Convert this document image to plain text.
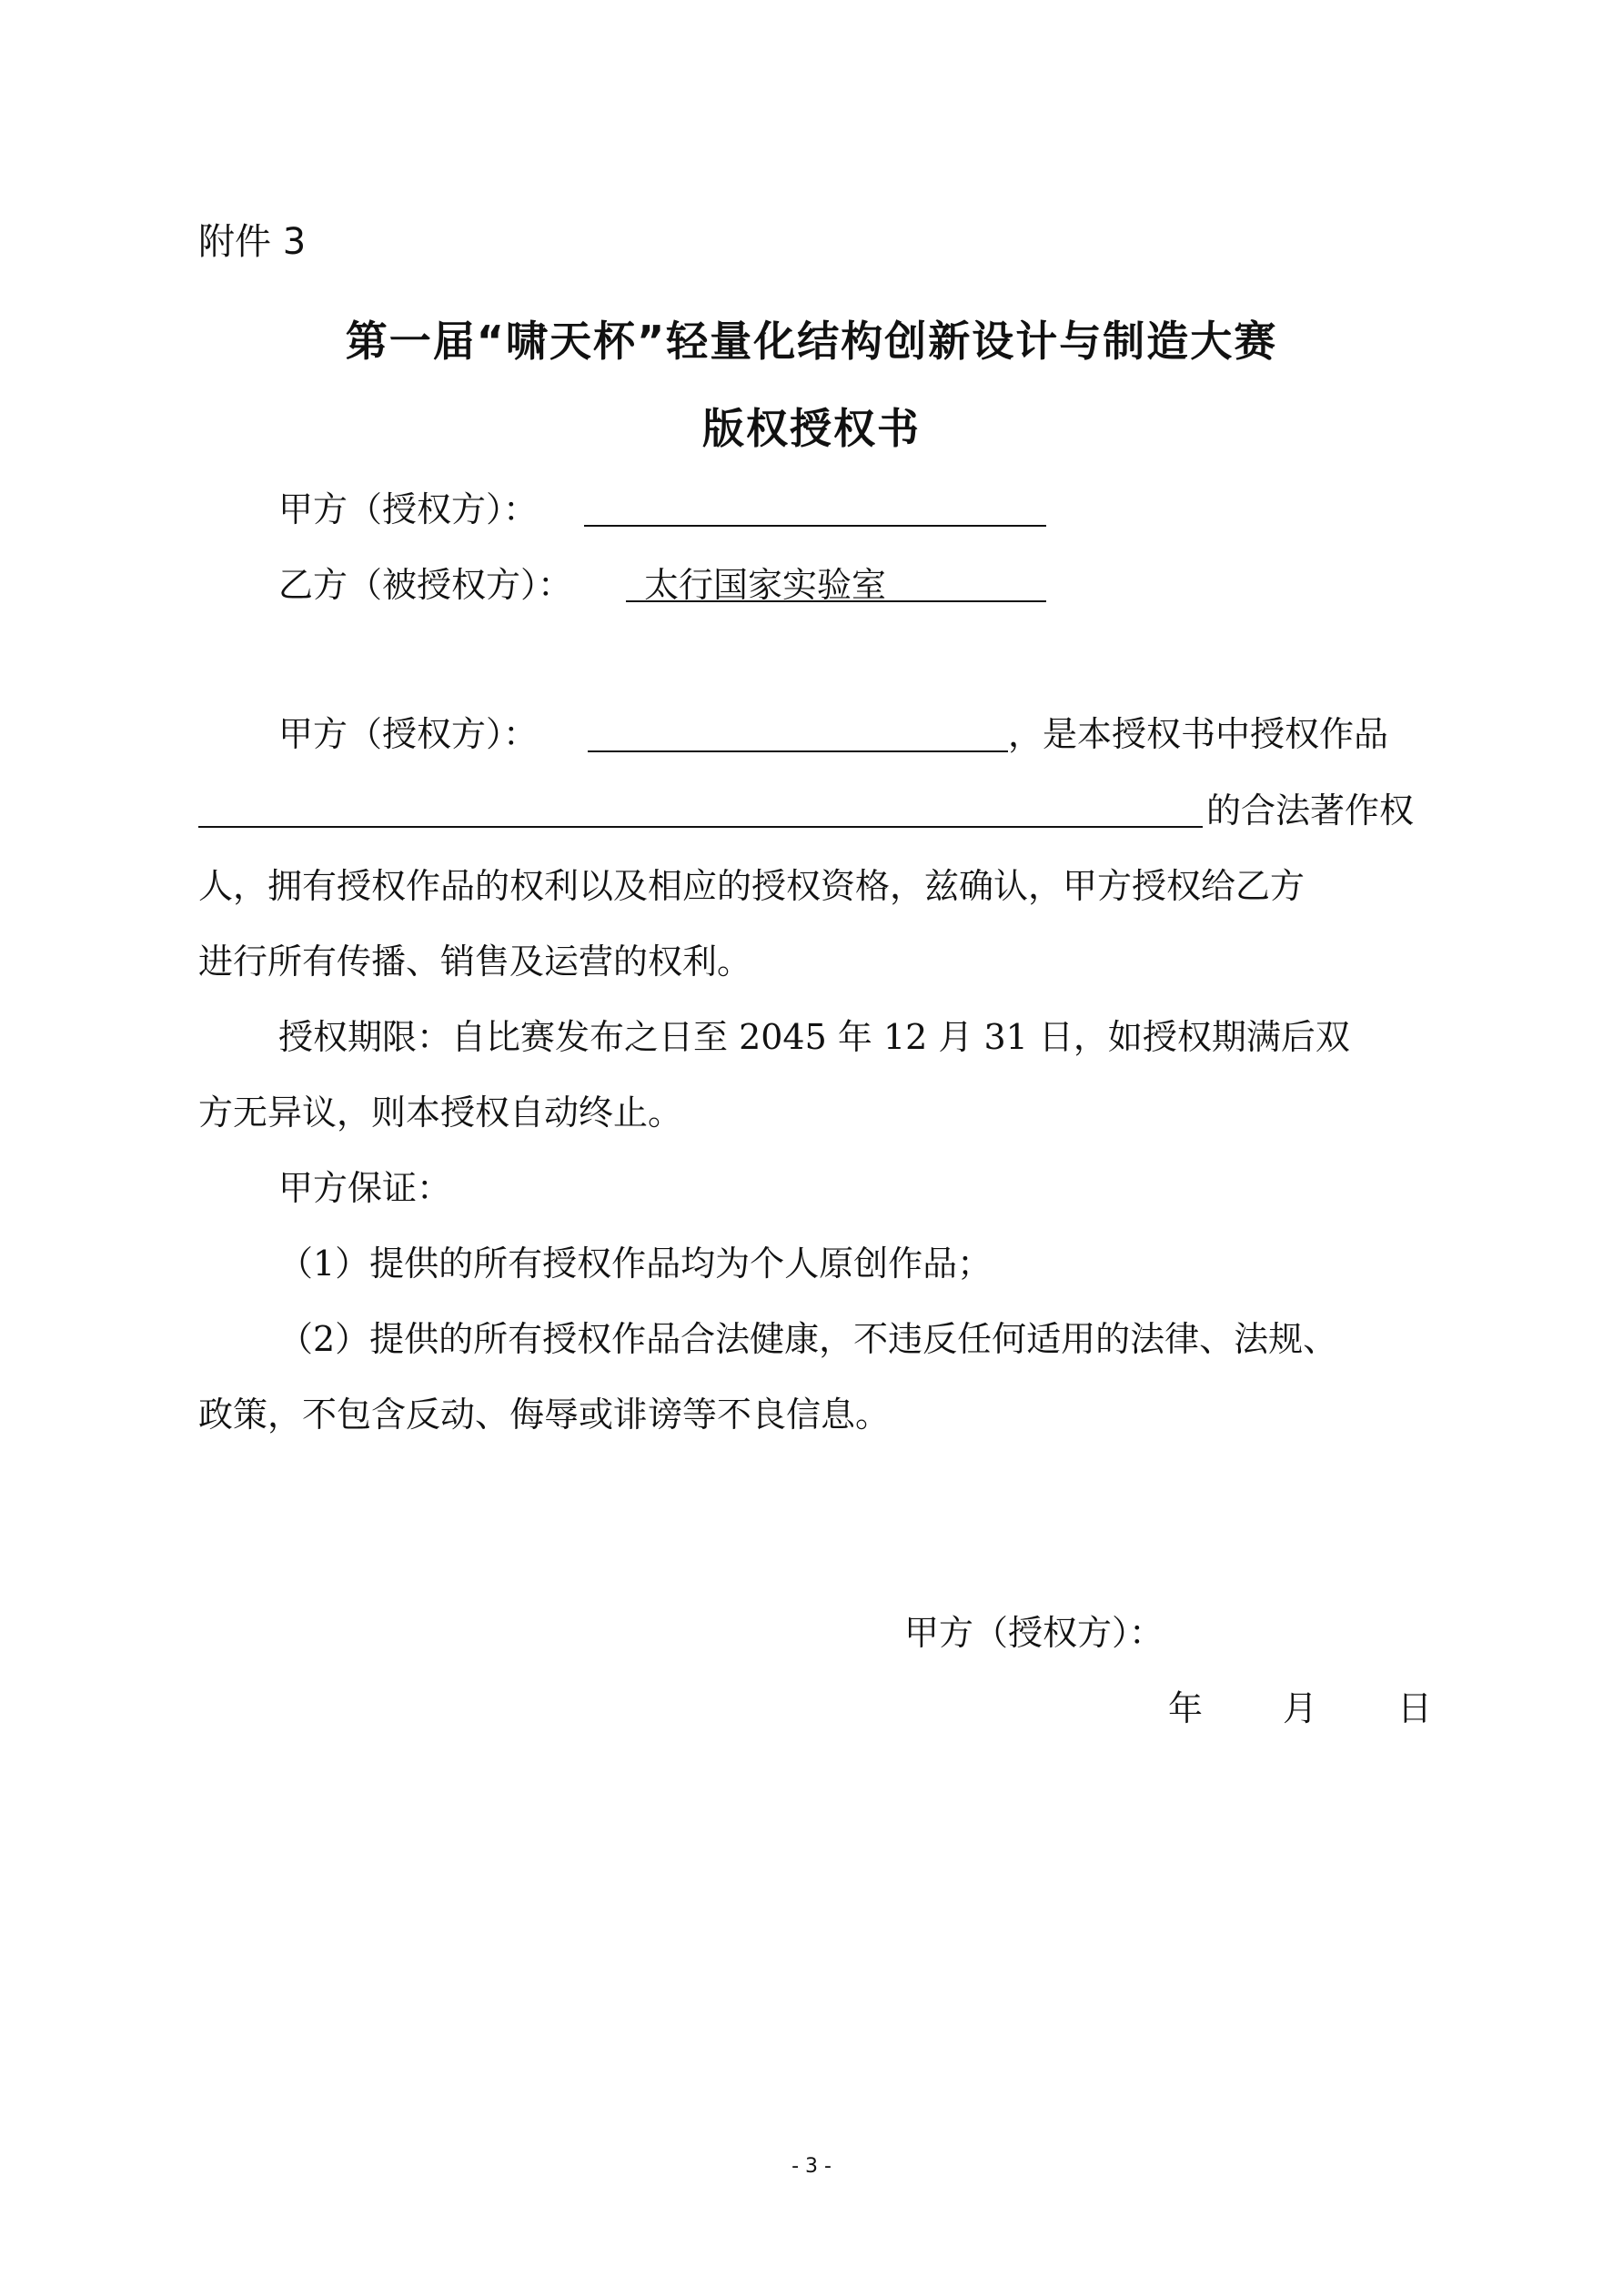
附件 3
第一届“啸天杯”轻量化结构创新设计与制造大赛
版权授权书
甲方（授权方）：
乙方（被授权方）： 太行国家实验室
甲方（授权方）：	，是本授权书中授权作品
的合法著作权
人，拥有授权作品的权利以及相应的授权资格，兹确认，甲方授权给乙方
进行所有传播、销售及运营的权利。
授权期限：自比赛发布之日至 2045 年 12 月 31 日，如授权期满后双
方无异议，则本授权自动终止。
甲方保证：
（1）提供的所有授权作品均为个人原创作品；
（2）提供的所有授权作品合法健康，不违反任何适用的法律、法规、
政策，不包含反动、侮辱或诽谤等不良信息。
甲方（授权方）：
年 月 日
- 3 -
